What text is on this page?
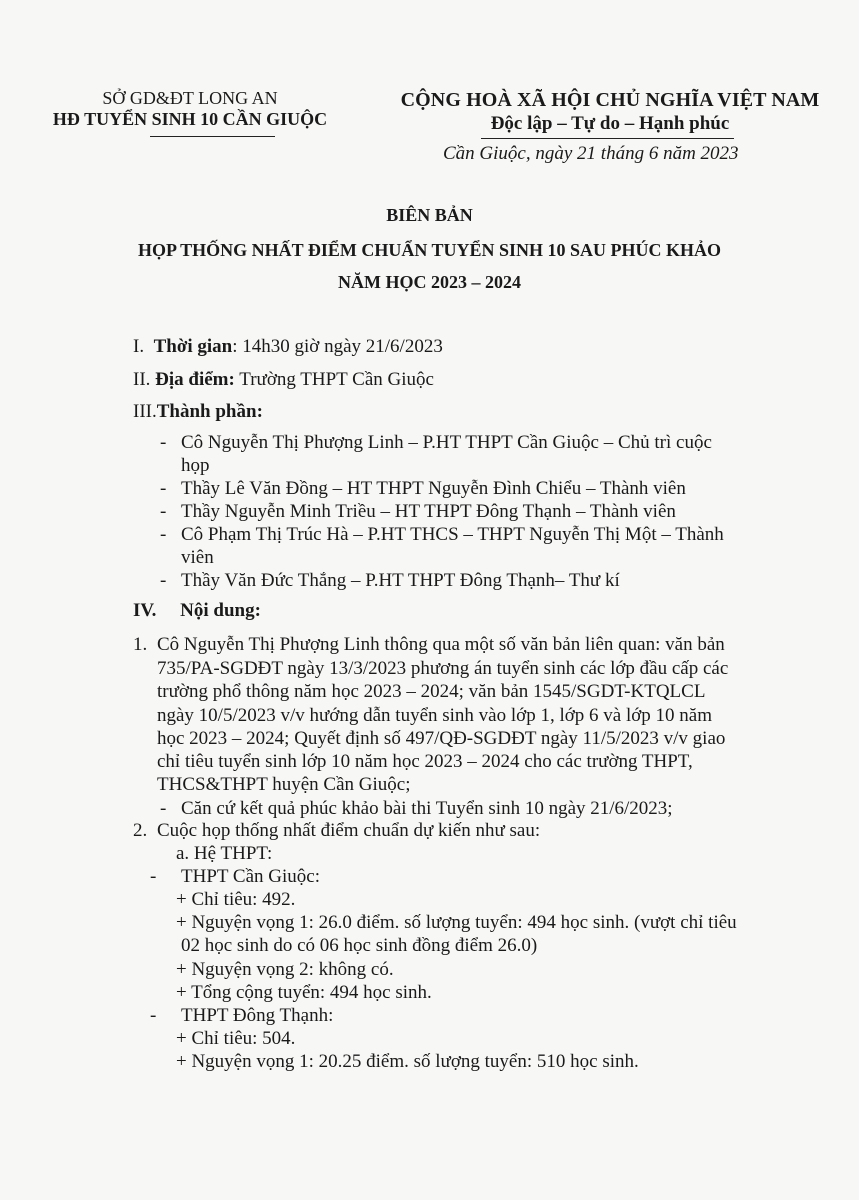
SỞ GD&ĐT LONG AN
HĐ TUYỂN SINH 10 CẦN GIUỘC
CỘNG HOÀ XÃ HỘI CHỦ NGHĨA VIỆT NAM
Độc lập – Tự do – Hạnh phúc
Cần Giuộc, ngày 21 tháng 6 năm 2023
BIÊN BẢN
HỌP THỐNG NHẤT ĐIỂM CHUẨN TUYỂN SINH 10 SAU PHÚC KHẢO
NĂM HỌC 2023 – 2024
I. Thời gian: 14h30 giờ ngày 21/6/2023
II. Địa điểm: Trường THPT Cần Giuộc
III.Thành phần:
- Cô Nguyễn Thị Phượng Linh – P.HT THPT Cần Giuộc – Chủ trì cuộc
họp
- Thầy Lê Văn Đồng – HT THPT Nguyễn Đình Chiểu – Thành viên
- Thầy Nguyễn Minh Triều – HT THPT Đông Thạnh – Thành viên
- Cô Phạm Thị Trúc Hà – P.HT THCS – THPT Nguyễn Thị Một – Thành
viên
- Thầy Văn Đức Thắng – P.HT THPT Đông Thạnh– Thư kí
IV. Nội dung:
1. Cô Nguyễn Thị Phượng Linh thông qua một số văn bản liên quan: văn bản
735/PA-SGDĐT ngày 13/3/2023 phương án tuyển sinh các lớp đầu cấp các
trường phổ thông năm học 2023 – 2024; văn bản 1545/SGDT-KTQLCL
ngày 10/5/2023 v/v hướng dẫn tuyển sinh vào lớp 1, lớp 6 và lớp 10 năm
học 2023 – 2024; Quyết định số 497/QĐ-SGDĐT ngày 11/5/2023 v/v giao
chỉ tiêu tuyển sinh lớp 10 năm học 2023 – 2024 cho các trường THPT,
THCS&THPT huyện Cần Giuộc;
- Căn cứ kết quả phúc khảo bài thi Tuyển sinh 10 ngày 21/6/2023;
2. Cuộc họp thống nhất điểm chuẩn dự kiến như sau:
a. Hệ THPT:
- THPT Cần Giuộc:
+ Chỉ tiêu: 492.
+ Nguyện vọng 1: 26.0 điểm. số lượng tuyển: 494 học sinh. (vượt chỉ tiêu
02 học sinh do có 06 học sinh đồng điểm 26.0)
+ Nguyện vọng 2: không có.
+ Tổng cộng tuyển: 494 học sinh.
- THPT Đông Thạnh:
+ Chỉ tiêu: 504.
+ Nguyện vọng 1: 20.25 điểm. số lượng tuyển: 510 học sinh.
